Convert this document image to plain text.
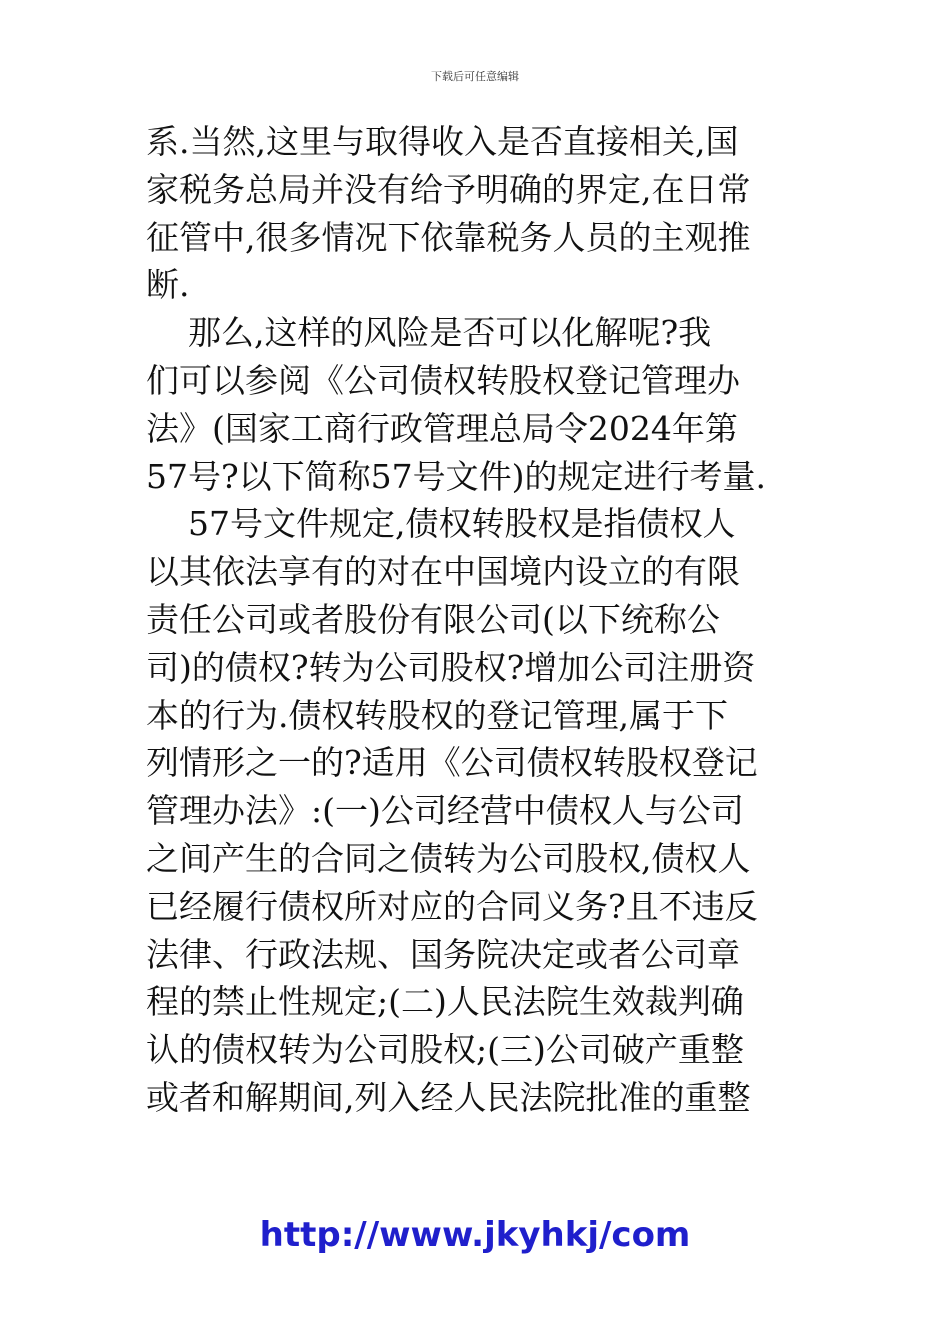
下载后可任意编辑
系.当然,这里与取得收入是否直接相关,国
家税务总局并没有给予明确的界定,在日常
征管中,很多情况下依靠税务人员的主观推
断.
那么,这样的风险是否可以化解呢?我
们可以参阅《公司债权转股权登记管理办
法》(国家工商行政管理总局令2024年第
57号?以下简称57号文件)的规定进行考量.
57号文件规定,债权转股权是指债权人
以其依法享有的对在中国境内设立的有限
责任公司或者股份有限公司(以下统称公
司)的债权?转为公司股权?增加公司注册资
本的行为.债权转股权的登记管理,属于下
列情形之一的?适用《公司债权转股权登记
管理办法》:(一)公司经营中债权人与公司
之间产生的合同之债转为公司股权,债权人
已经履行债权所对应的合同义务?且不违反
法律、行政法规、国务院决定或者公司章
程的禁止性规定;(二)人民法院生效裁判确
认的债权转为公司股权;(三)公司破产重整
或者和解期间,列入经人民法院批准的重整
http://www.jkyhkj/com
